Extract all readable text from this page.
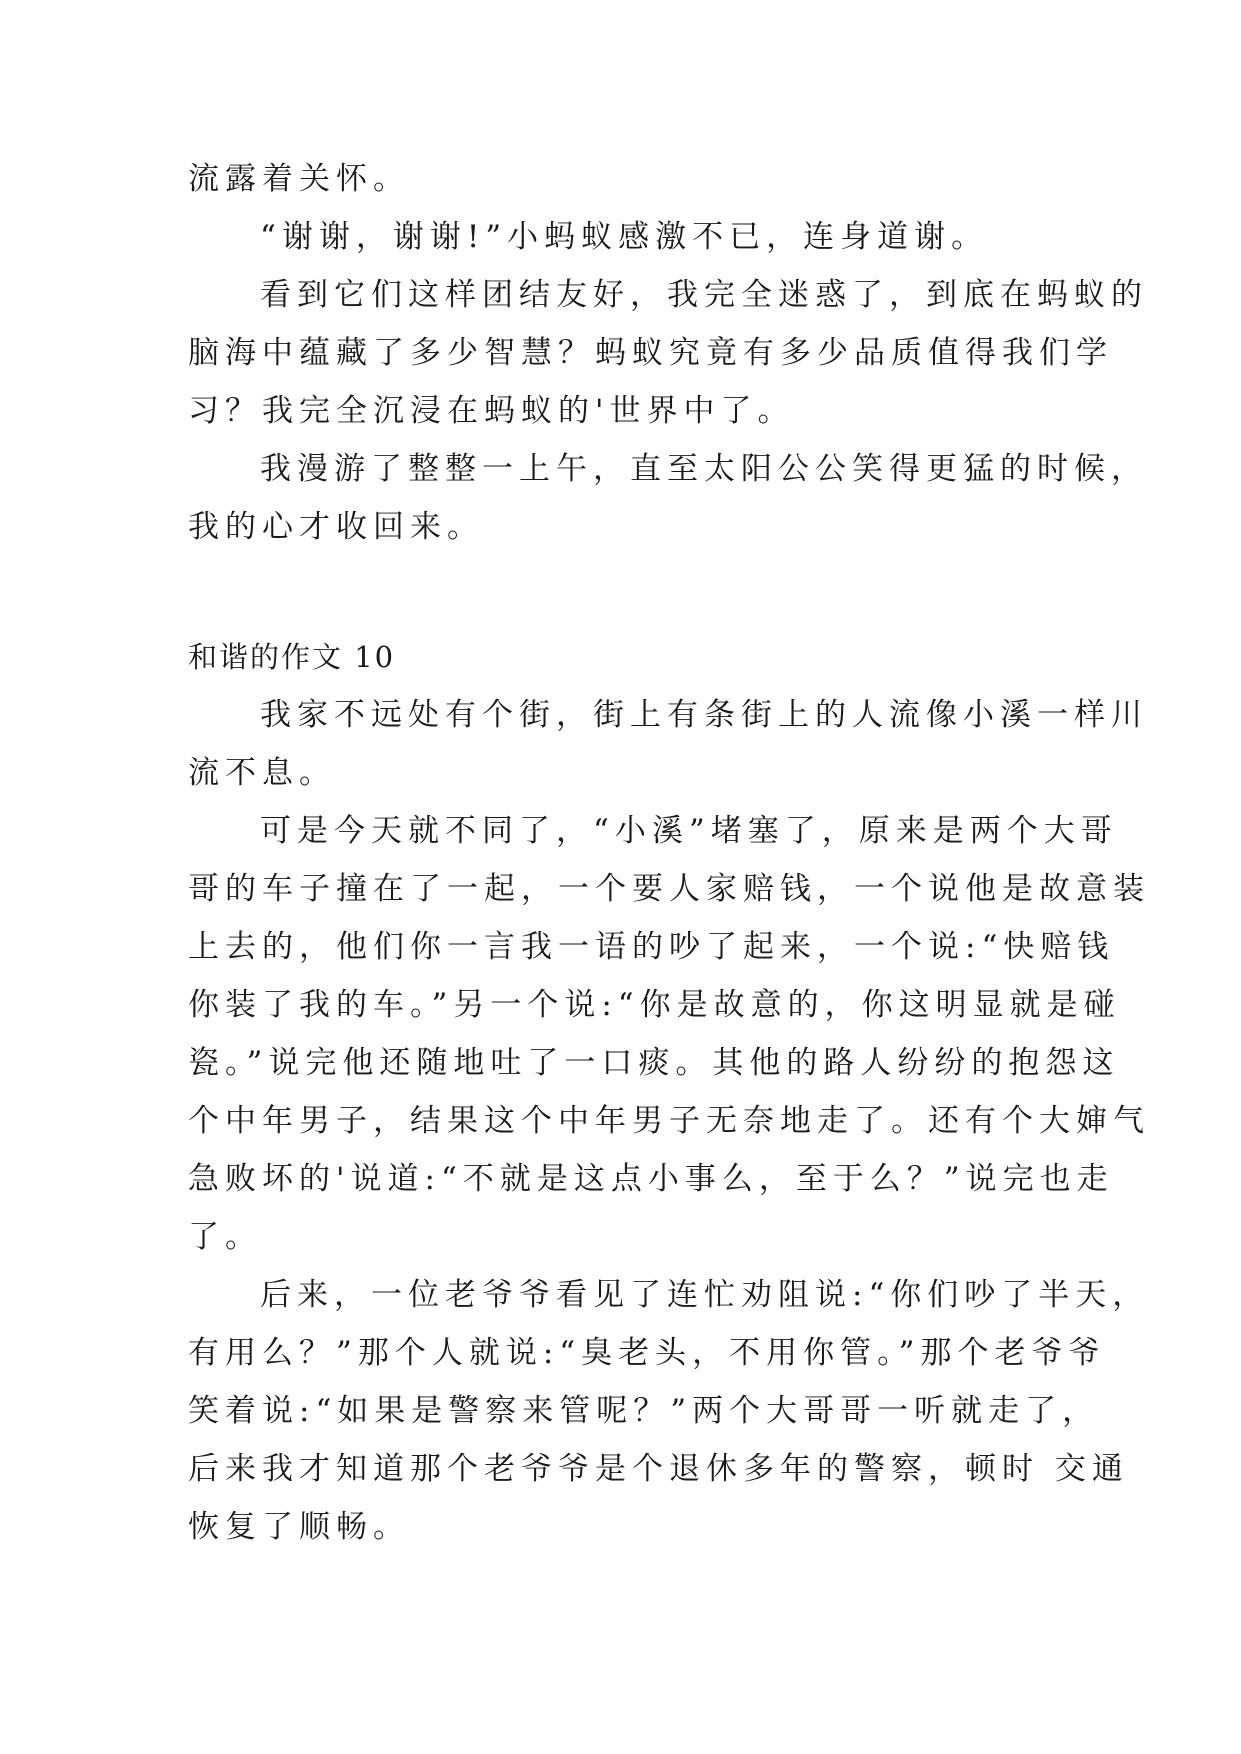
流露着关怀。

“谢谢，谢谢!”小蚂蚁感激不已，连身道谢。

看到它们这样团结友好，我完全迷惑了，到底在蚂蚁的

脑海中蕴藏了多少智慧？蚂蚁究竟有多少品质值得我们学

习？我完全沉浸在蚂蚁的'世界中了。

我漫游了整整一上午，直至太阳公公笑得更猛的时候，

我的心才收回来。

和谐的作文 10

我家不远处有个街，街上有条街上的人流像小溪一样川

流不息。

可是今天就不同了，“小溪”堵塞了，原来是两个大哥

哥的车子撞在了一起，一个要人家赔钱，一个说他是故意装

上去的，他们你一言我一语的吵了起来，一个说:“快赔钱

你装了我的车。”另一个说:“你是故意的，你这明显就是碰

瓷。”说完他还随地吐了一口痰。其他的路人纷纷的抱怨这

个中年男子，结果这个中年男子无奈地走了。还有个大婶气

急败坏的'说道:“不就是这点小事么，至于么？”说完也走

了。

后来，一位老爷爷看见了连忙劝阻说:“你们吵了半天，

有用么？”那个人就说:“臭老头，不用你管。”那个老爷爷

笑着说:“如果是警察来管呢？”两个大哥哥一听就走了，

后来我才知道那个老爷爷是个退休多年的警察，顿时 交通

恢复了顺畅。
